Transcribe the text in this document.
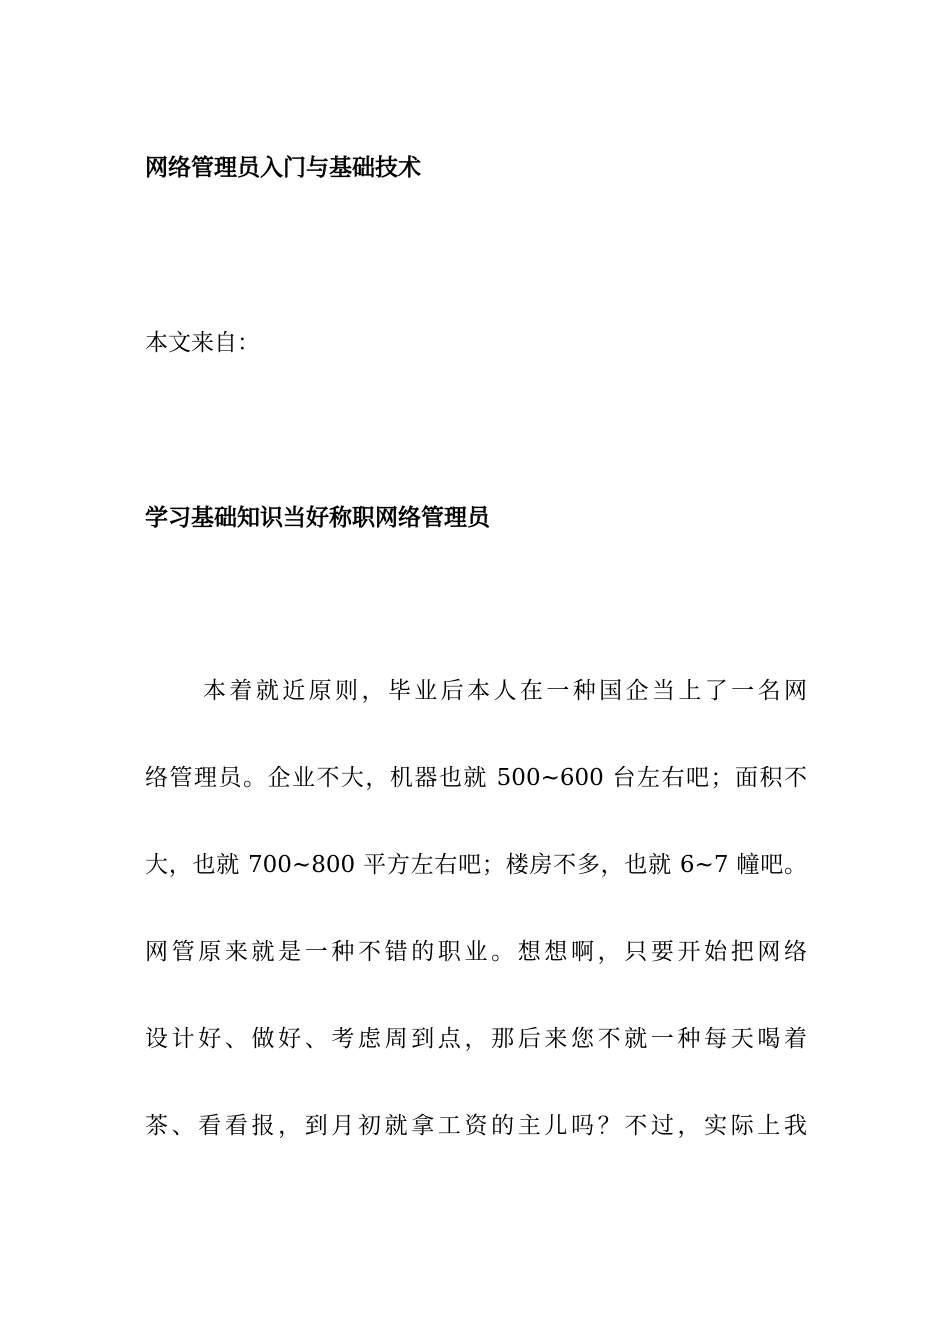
网络管理员入门与基础技术
本文来自：
学习基础知识当好称职网络管理员
本着就近原则，毕业后本人在一种国企当上了一名网
络管理员。企业不大，机器也就 500~600 台左右吧；面积不
大，也就 700~800 平方左右吧；楼房不多，也就 6~7 幢吧。
网管原来就是一种不错的职业。想想啊，只要开始把网络
设计好、做好、考虑周到点，那后来您不就一种每天喝着
茶、看看报，到月初就拿工资的主儿吗？不过，实际上我
